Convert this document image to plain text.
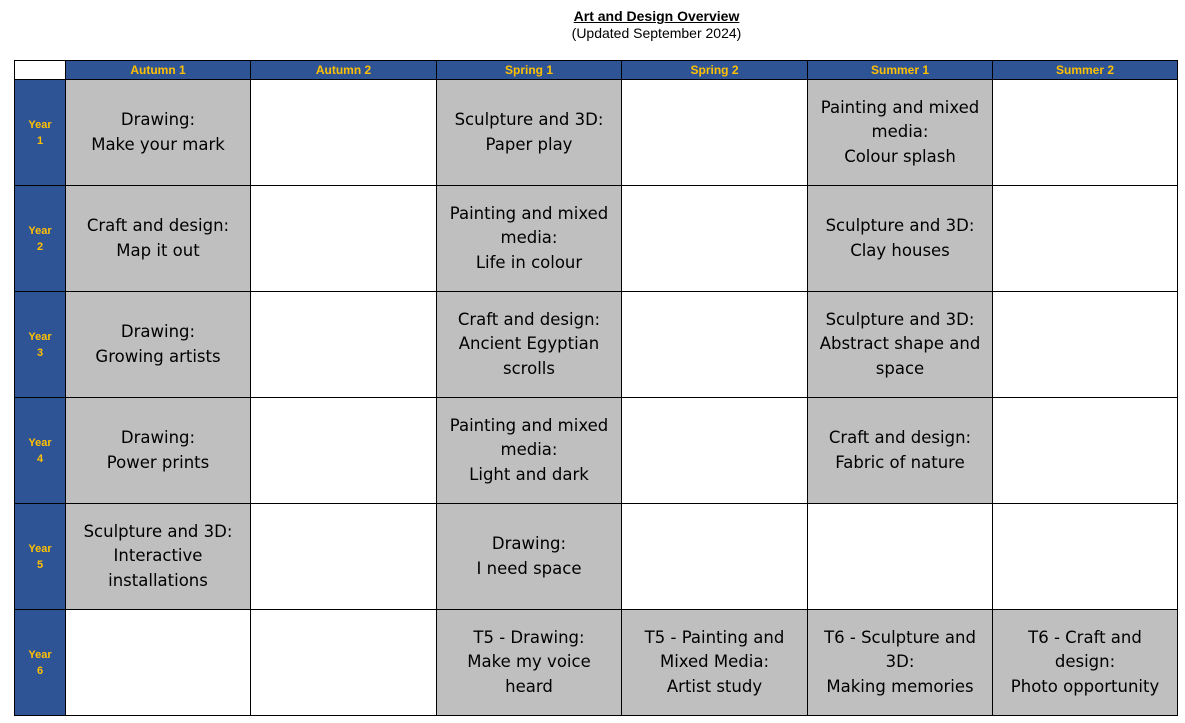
Art and Design Overview
(Updated September 2024)
	Autumn 1	Autumn 2	Spring 1	Spring 2	Summer 1	Summer 2

Year
1	Drawing:
Make your mark		Sculpture and 3D:
Paper play		Painting and mixed
media:
Colour splash	

Year
2	Craft and design:
Map it out		Painting and mixed
media:
Life in colour		Sculpture and 3D:
Clay houses	

Year
3	Drawing:
Growing artists		Craft and design:
Ancient Egyptian
scrolls		Sculpture and 3D:
Abstract shape and
space	

Year
4	Drawing:
Power prints		Painting and mixed
media:
Light and dark		Craft and design:
Fabric of nature	

Year
5	Sculpture and 3D:
Interactive
installations		Drawing:
I need space			

Year
6			T5 - Drawing:
Make my voice
heard	T5 - Painting and
Mixed Media:
Artist study	T6 - Sculpture and
3D:
Making memories	T6 - Craft and
design:
Photo opportunity
